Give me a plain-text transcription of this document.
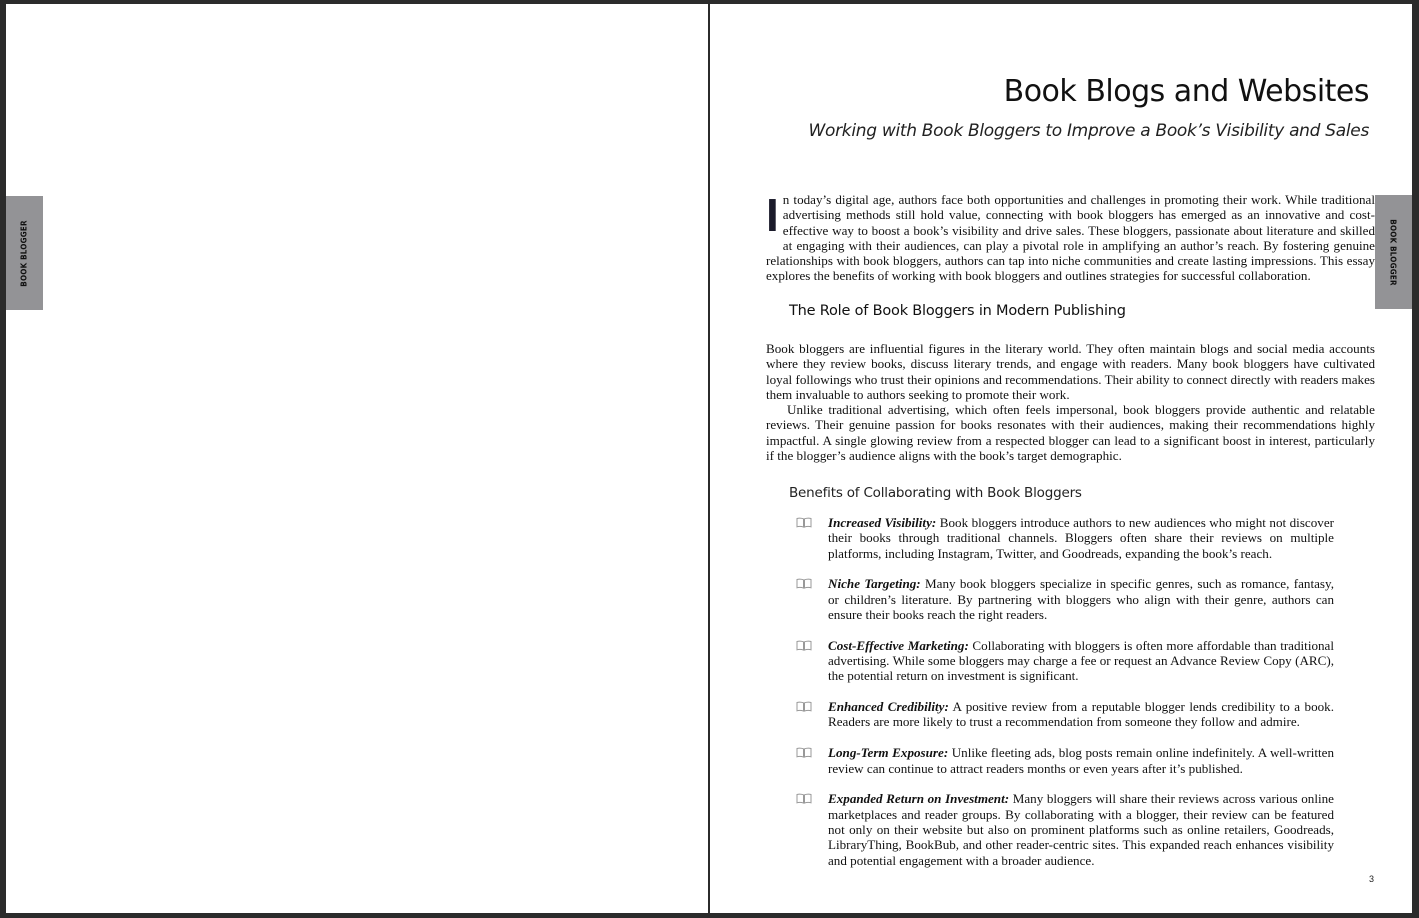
BOOK BLOGGER	BOOK BLOGGER
Book Blogs and Websites
Working with Book Bloggers to Improve a Book’s Visibility and Sales
In today’s digital age, authors face both opportunities and challenges in promoting their work. While traditional advertising methods still hold value, connecting with book bloggers has emerged as an innovative and cost-effective way to boost a book’s visibility and drive sales. These bloggers, passionate about literature and skilled at engaging with their audiences, can play a pivotal role in amplifying an author’s reach. By fostering genuine relationships with book bloggers, authors can tap into niche communities and create lasting impressions. This essay explores the benefits of working with book bloggers and outlines strategies for successful collaboration.
The Role of Book Bloggers in Modern Publishing

Book bloggers are influential figures in the literary world. They often maintain blogs and social media accounts where they review books, discuss literary trends, and engage with readers. Many book bloggers have cultivated loyal followings who trust their opinions and recommendations. Their ability to connect directly with readers makes them invaluable to authors seeking to promote their work.

Unlike traditional advertising, which often feels impersonal, book bloggers provide authentic and relatable reviews. Their genuine passion for books resonates with their audiences, making their recommendations highly impactful. A single glowing review from a respected blogger can lead to a significant boost in interest, particularly if the blogger’s audience aligns with the book’s target demographic.

Benefits of Collaborating with Book Bloggers
Increased Visibility: Book bloggers introduce authors to new audiences who might not discover their books through traditional channels. Bloggers often share their reviews on multiple platforms, including Instagram, Twitter, and Goodreads, expanding the book’s reach.
Niche Targeting: Many book bloggers specialize in specific genres, such as romance, fantasy, or children’s literature. By partnering with bloggers who align with their genre, authors can ensure their books reach the right readers.
Cost-Effective Marketing: Collaborating with bloggers is often more affordable than traditional advertising. While some bloggers may charge a fee or request an Advance Review Copy (ARC), the potential return on investment is significant.
Enhanced Credibility: A positive review from a reputable blogger lends credibility to a book. Readers are more likely to trust a recommendation from someone they follow and admire.
Long-Term Exposure: Unlike fleeting ads, blog posts remain online indefinitely. A well-written review can continue to attract readers months or even years after it’s published.
Expanded Return on Investment: Many bloggers will share their reviews across various online marketplaces and reader groups. By collaborating with a blogger, their review can be featured not only on their website but also on prominent platforms such as online retailers, Goodreads, LibraryThing, BookBub, and other reader-centric sites. This expanded reach enhances visibility and potential engagement with a broader audience.
3
